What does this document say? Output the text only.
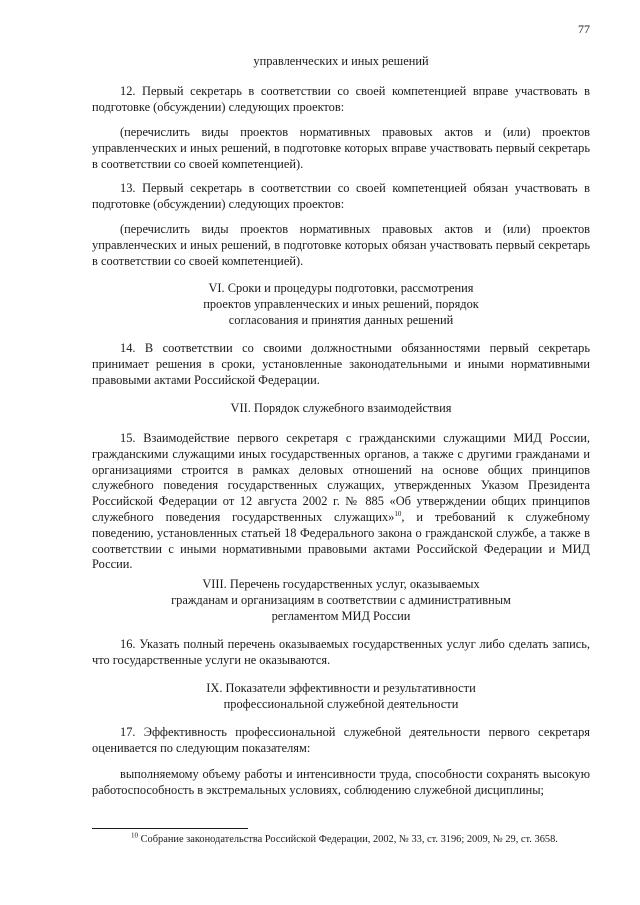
77

управленческих и иных решений

12. Первый секретарь в соответствии со своей компетенцией вправе участвовать в подготовке (обсуждении) следующих проектов:

(перечислить виды проектов нормативных правовых актов и (или) проектов управленческих и иных решений, в подготовке которых вправе участвовать первый секретарь в соответствии со своей компетенцией).

13. Первый секретарь в соответствии со своей компетенцией обязан участвовать в подготовке (обсуждении) следующих проектов:

(перечислить виды проектов нормативных правовых актов и (или) проектов управленческих и иных решений, в подготовке которых обязан участвовать первый секретарь в соответствии со своей компетенцией).

VI. Сроки и процедуры подготовки, рассмотрения

проектов управленческих и иных решений, порядок

согласования и принятия данных решений

14. В соответствии со своими должностными обязанностями первый секретарь принимает решения в сроки, установленные законодательными и иными нормативными правовыми актами Российской Федерации.

VII. Порядок служебного взаимодействия

15. Взаимодействие первого секретаря с гражданскими служащими МИД России, гражданскими служащими иных государственных органов, а также с другими гражданами и организациями строится в рамках деловых отношений на основе общих принципов служебного поведения государственных служащих, утвержденных Указом Президента Российской Федерации от 12 августа 2002 г. № 885 «Об утверждении общих принципов служебного поведения государственных служащих»$^{10}$, и требований к служебному поведению, установленных статьей 18 Федерального закона о гражданской службе, а также в соответствии с иными нормативными правовыми актами Российской Федерации и МИД России.

VIII. Перечень государственных услуг, оказываемых

гражданам и организациям в соответствии с административным

регламентом МИД России

16. Указать полный перечень оказываемых государственных услуг либо сделать запись, что государственные услуги не оказываются.

IX. Показатели эффективности и результативности

профессиональной служебной деятельности

17. Эффективность профессиональной служебной деятельности первого секретаря оценивается по следующим показателям:

выполняемому объему работы и интенсивности труда, способности сохранять высокую работоспособность в экстремальных условиях, соблюдению служебной дисциплины;

$^{10}$ Собрание законодательства Российской Федерации, 2002, № 33, ст. 3196; 2009, № 29, ст. 3658.
